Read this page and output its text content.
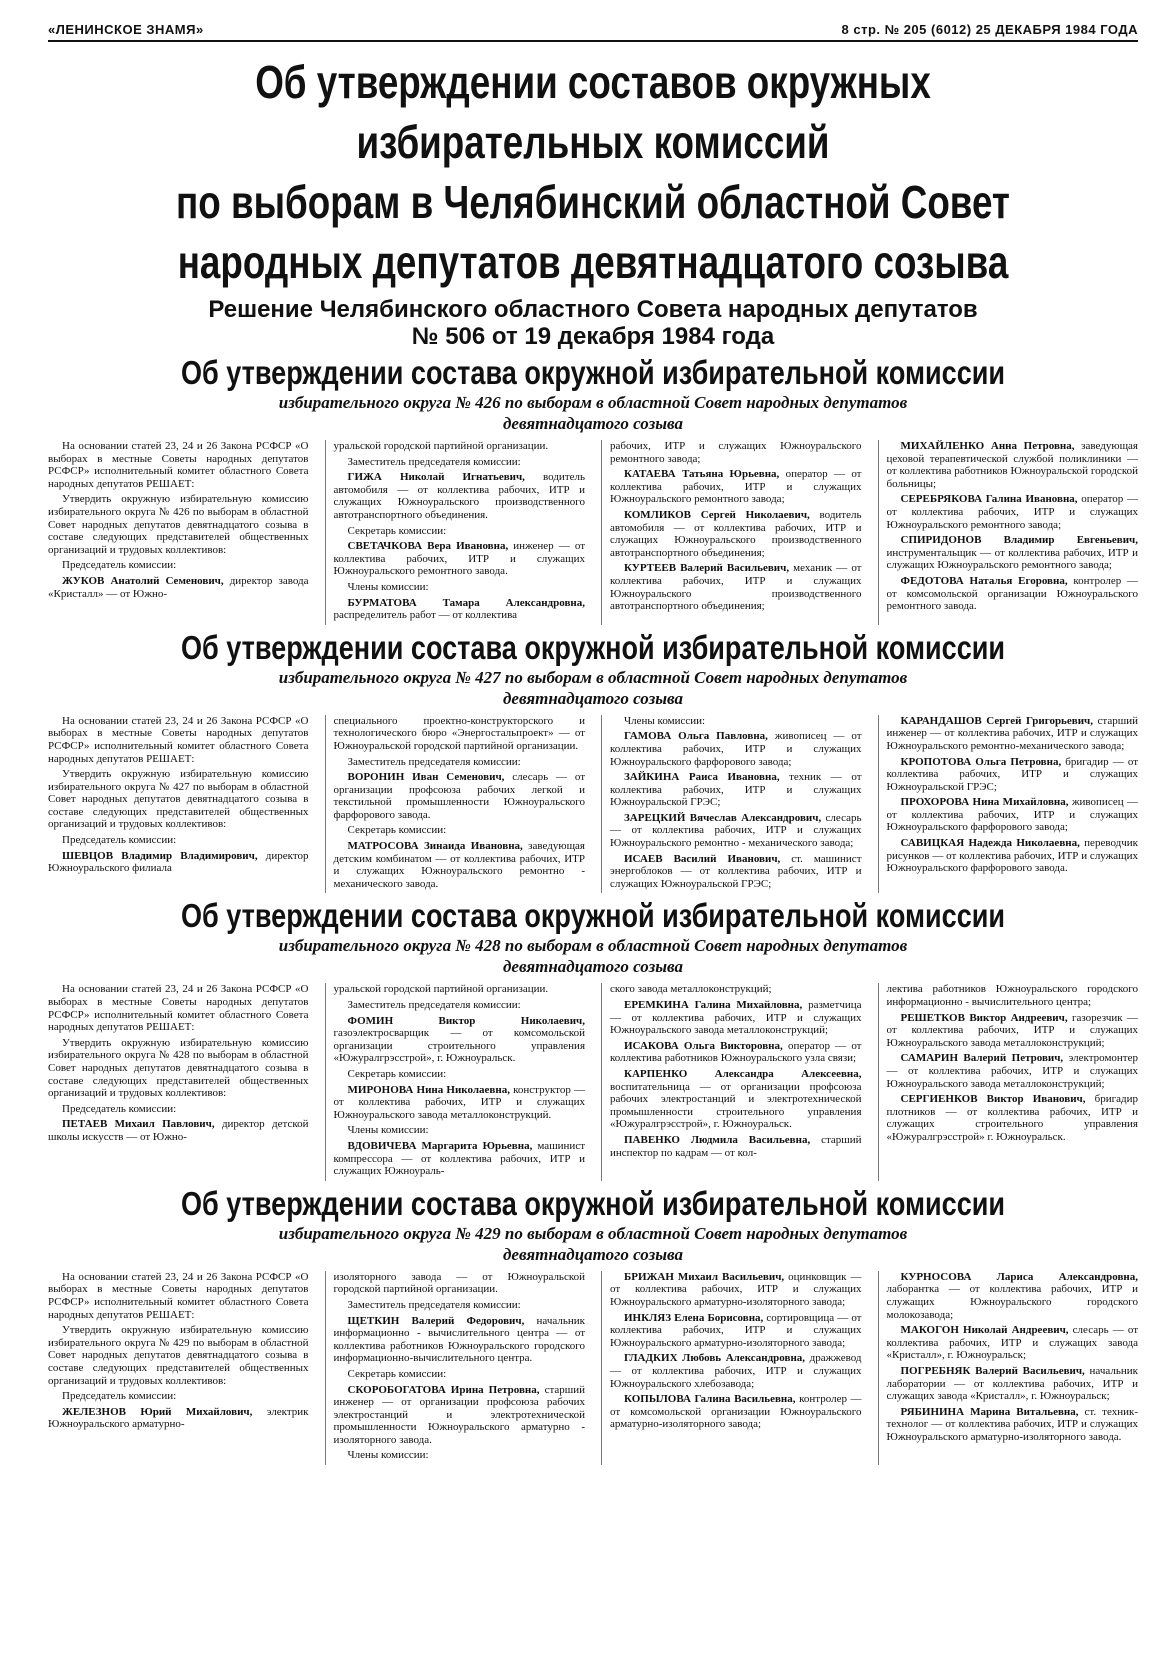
«ЛЕНИНСКОЕ ЗНАМЯ»	8 стр. № 205 (6012) 25 ДЕКАБРЯ 1984 ГОДА
Об утверждении составов окружных избирательных комиссий
по выборам в Челябинский областной Совет
народных депутатов девятнадцатого созыва
Решение Челябинского областного Совета народных депутатов
№ 506 от 19 декабря 1984 года
Об утверждении состава окружной избирательной комиссии
избирательного округа № 426 по выборам в областной Совет народных депутатов
девятнадцатого созыва

На основании статей 23, 24 и 26 Закона РСФСР «О выборах в местные Советы народных депутатов РСФСР» исполнительный комитет областного Совета народных депутатов РЕШАЕТ:

Утвердить окружную избирательную комиссию избирательного округа № 426 по выборам в областной Совет народных депутатов девятнадцатого созыва в составе следующих представителей общественных организаций и трудовых коллективов:

Председатель комиссии:

ЖУКОВ Анатолий Семенович, директор завода «Кристалл» — от Южно-

уральской городской партийной организации.

Заместитель председателя комиссии:

ГИЖА Николай Игнатьевич, водитель автомобиля — от коллектива рабочих, ИТР и служащих Южноуральского производственного автотранспортного объединения.

Секретарь комиссии:

СВЕТАЧКОВА Вера Ивановна, инженер — от коллектива рабочих, ИТР и служащих Южноуральского ремонтного завода.

Члены комиссии:

БУРМАТОВА Тамара Александровна, распределитель работ — от коллектива

рабочих, ИТР и служащих Южноуральского ремонтного завода;

КАТАЕВА Татьяна Юрьевна, оператор — от коллектива рабочих, ИТР и служащих Южноуральского ремонтного завода;

КОМЛИКОВ Сергей Николаевич, водитель автомобиля — от коллектива рабочих, ИТР и служащих Южноуральского производственного автотранспортного объединения;

КУРТЕЕВ Валерий Васильевич, механик — от коллектива рабочих, ИТР и служащих Южноуральского производственного автотранспортного объединения;

МИХАЙЛЕНКО Анна Петровна, заведующая цеховой терапевтической службой поликлиники — от коллектива работников Южноуральской городской больницы;

СЕРЕБРЯКОВА Галина Ивановна, оператор — от коллектива рабочих, ИТР и служащих Южноуральского ремонтного завода;

СПИРИДОНОВ Владимир Евгеньевич, инструментальщик — от коллектива рабочих, ИТР и служащих Южноуральского ремонтного завода;

ФЕДОТОВА Наталья Егоровна, контролер — от комсомольской организации Южноуральского ремонтного завода.

Об утверждении состава окружной избирательной комиссии
избирательного округа № 427 по выборам в областной Совет народных депутатов
девятнадцатого созыва

На основании статей 23, 24 и 26 Закона РСФСР «О выборах в местные Советы народных депутатов РСФСР» исполнительный комитет областного Совета народных депутатов РЕШАЕТ:

Утвердить окружную избирательную комиссию избирательного округа № 427 по выборам в областной Совет народных депутатов девятнадцатого созыва в составе следующих представителей общественных организаций и трудовых коллективов:

Председатель комиссии:

ШЕВЦОВ Владимир Владимирович, директор Южноуральского филиала

специального проектно-конструкторского и технологического бюро «Энергостальпроект» — от Южноуральской городской партийной организации.

Заместитель председателя комиссии:

ВОРОНИН Иван Семенович, слесарь — от организации профсоюза рабочих легкой и текстильной промышленности Южноуральского фарфорового завода.

Секретарь комиссии:

МАТРОСОВА Зинаида Ивановна, заведующая детским комбинатом — от коллектива рабочих, ИТР и служащих Южноуральского ремонтно - механического завода.

Члены комиссии:

ГАМОВА Ольга Павловна, живописец — от коллектива рабочих, ИТР и служащих Южноуральского фарфорового завода;

ЗАЙКИНА Раиса Ивановна, техник — от коллектива рабочих, ИТР и служащих Южноуральской ГРЭС;

ЗАРЕЦКИЙ Вячеслав Александрович, слесарь — от коллектива рабочих, ИТР и служащих Южноуральского ремонтно - механического завода;

ИСАЕВ Василий Иванович, ст. машинист энергоблоков — от коллектива рабочих, ИТР и служащих Южноуральской ГРЭС;

КАРАНДАШОВ Сергей Григорьевич, старший инженер — от коллектива рабочих, ИТР и служащих Южноуральского ремонтно-механического завода;

КРОПОТОВА Ольга Петровна, бригадир — от коллектива рабочих, ИТР и служащих Южноуральской ГРЭС;

ПРОХОРОВА Нина Михайловна, живописец — от коллектива рабочих, ИТР и служащих Южноуральского фарфорового завода;

САВИЦКАЯ Надежда Николаевна, переводчик рисунков — от коллектива рабочих, ИТР и служащих Южноуральского фарфорового завода.

Об утверждении состава окружной избирательной комиссии
избирательного округа № 428 по выборам в областной Совет народных депутатов
девятнадцатого созыва

На основании статей 23, 24 и 26 Закона РСФСР «О выборах в местные Советы народных депутатов РСФСР» исполнительный комитет областного Совета народных депутатов РЕШАЕТ:

Утвердить окружную избирательную комиссию избирательного округа № 428 по выборам в областной Совет народных депутатов девятнадцатого созыва в составе следующих представителей общественных организаций и трудовых коллективов:

Председатель комиссии:

ПЕТАЕВ Михаил Павлович, директор детской школы искусств — от Южно-

уральской городской партийной организации.

Заместитель председателя комиссии:

ФОМИН Виктор Николаевич, газоэлектросварщик — от комсомольской организации строительного управления «Южуралгрэсстрой», г. Южноуральск.

Секретарь комиссии:

МИРОНОВА Нина Николаевна, конструктор — от коллектива рабочих, ИТР и служащих Южноуральского завода металлоконструкций.

Члены комиссии:

ВДОВИЧЕВА Маргарита Юрьевна, машинист компрессора — от коллектива рабочих, ИТР и служащих Южноураль-

ского завода металлоконструкций;

ЕРЕМКИНА Галина Михайловна, разметчица — от коллектива рабочих, ИТР и служащих Южноуральского завода металлоконструкций;

ИСАКОВА Ольга Викторовна, оператор — от коллектива работников Южноуральского узла связи;

КАРПЕНКО Александра Алексеевна, воспитательница — от организации профсоюза рабочих электростанций и электротехнической промышленности строительного управления «Южуралгрэсстрой», г. Южноуральск.

ПАВЕНКО Людмила Васильевна, старший инспектор по кадрам — от кол-

лектива работников Южноуральского городского информационно - вычислительного центра;

РЕШЕТКОВ Виктор Андреевич, газорезчик — от коллектива рабочих, ИТР и служащих Южноуральского завода металлоконструкций;

САМАРИН Валерий Петрович, электромонтер — от коллектива рабочих, ИТР и служащих Южноуральского завода металлоконструкций;

СЕРГИЕНКОВ Виктор Иванович, бригадир плотников — от коллектива рабочих, ИТР и служащих строительного управления «Южуралгрэсстрой» г. Южноуральск.

Об утверждении состава окружной избирательной комиссии
избирательного округа № 429 по выборам в областной Совет народных депутатов
девятнадцатого созыва

На основании статей 23, 24 и 26 Закона РСФСР «О выборах в местные Советы народных депутатов РСФСР» исполнительный комитет областного Совета народных депутатов РЕШАЕТ:

Утвердить окружную избирательную комиссию избирательного округа № 429 по выборам в областной Совет народных депутатов девятнадцатого созыва в составе следующих представителей общественных организаций и трудовых коллективов:

Председатель комиссии:

ЖЕЛЕЗНОВ Юрий Михайлович, электрик Южноуральского арматурно-

изоляторного завода — от Южноуральской городской партийной организации.

Заместитель председателя комиссии:

ЩЕТКИН Валерий Федорович, начальник информационно - вычислительного центра — от коллектива работников Южноуральского городского информационно-вычислительного центра.

Секретарь комиссии:

СКОРОБОГАТОВА Ирина Петровна, старший инженер — от организации профсоюза рабочих электростанций и электротехнической промышленности Южноуральского арматурно - изоляторного завода.

Члены комиссии:

БРИЖАН Михаил Васильевич, оцинковщик — от коллектива рабочих, ИТР и служащих Южноуральского арматурно-изоляторного завода;

ИНКЛЯЗ Елена Борисовна, сортировщица — от коллектива рабочих, ИТР и служащих Южноуральского арматурно-изоляторного завода;

ГЛАДКИХ Любовь Александровна, дражжевод — от коллектива рабочих, ИТР и служащих Южноуральского хлебозавода;

КОПЫЛОВА Галина Васильевна, контролер — от комсомольской организации Южноуральского арматурно-изоляторного завода;

КУРНОСОВА Лариса Александровна, лаборантка — от коллектива рабочих, ИТР и служащих Южноуральского городского молокозавода;

МАКОГОН Николай Андреевич, слесарь — от коллектива рабочих, ИТР и служащих завода «Кристалл», г. Южноуральск;

ПОГРЕБНЯК Валерий Васильевич, начальник лаборатории — от коллектива рабочих, ИТР и служащих завода «Кристалл», г. Южноуральск;

РЯБИНИНА Марина Витальевна, ст. техник-технолог — от коллектива рабочих, ИТР и служащих Южноуральского арматурно-изоляторного завода.
